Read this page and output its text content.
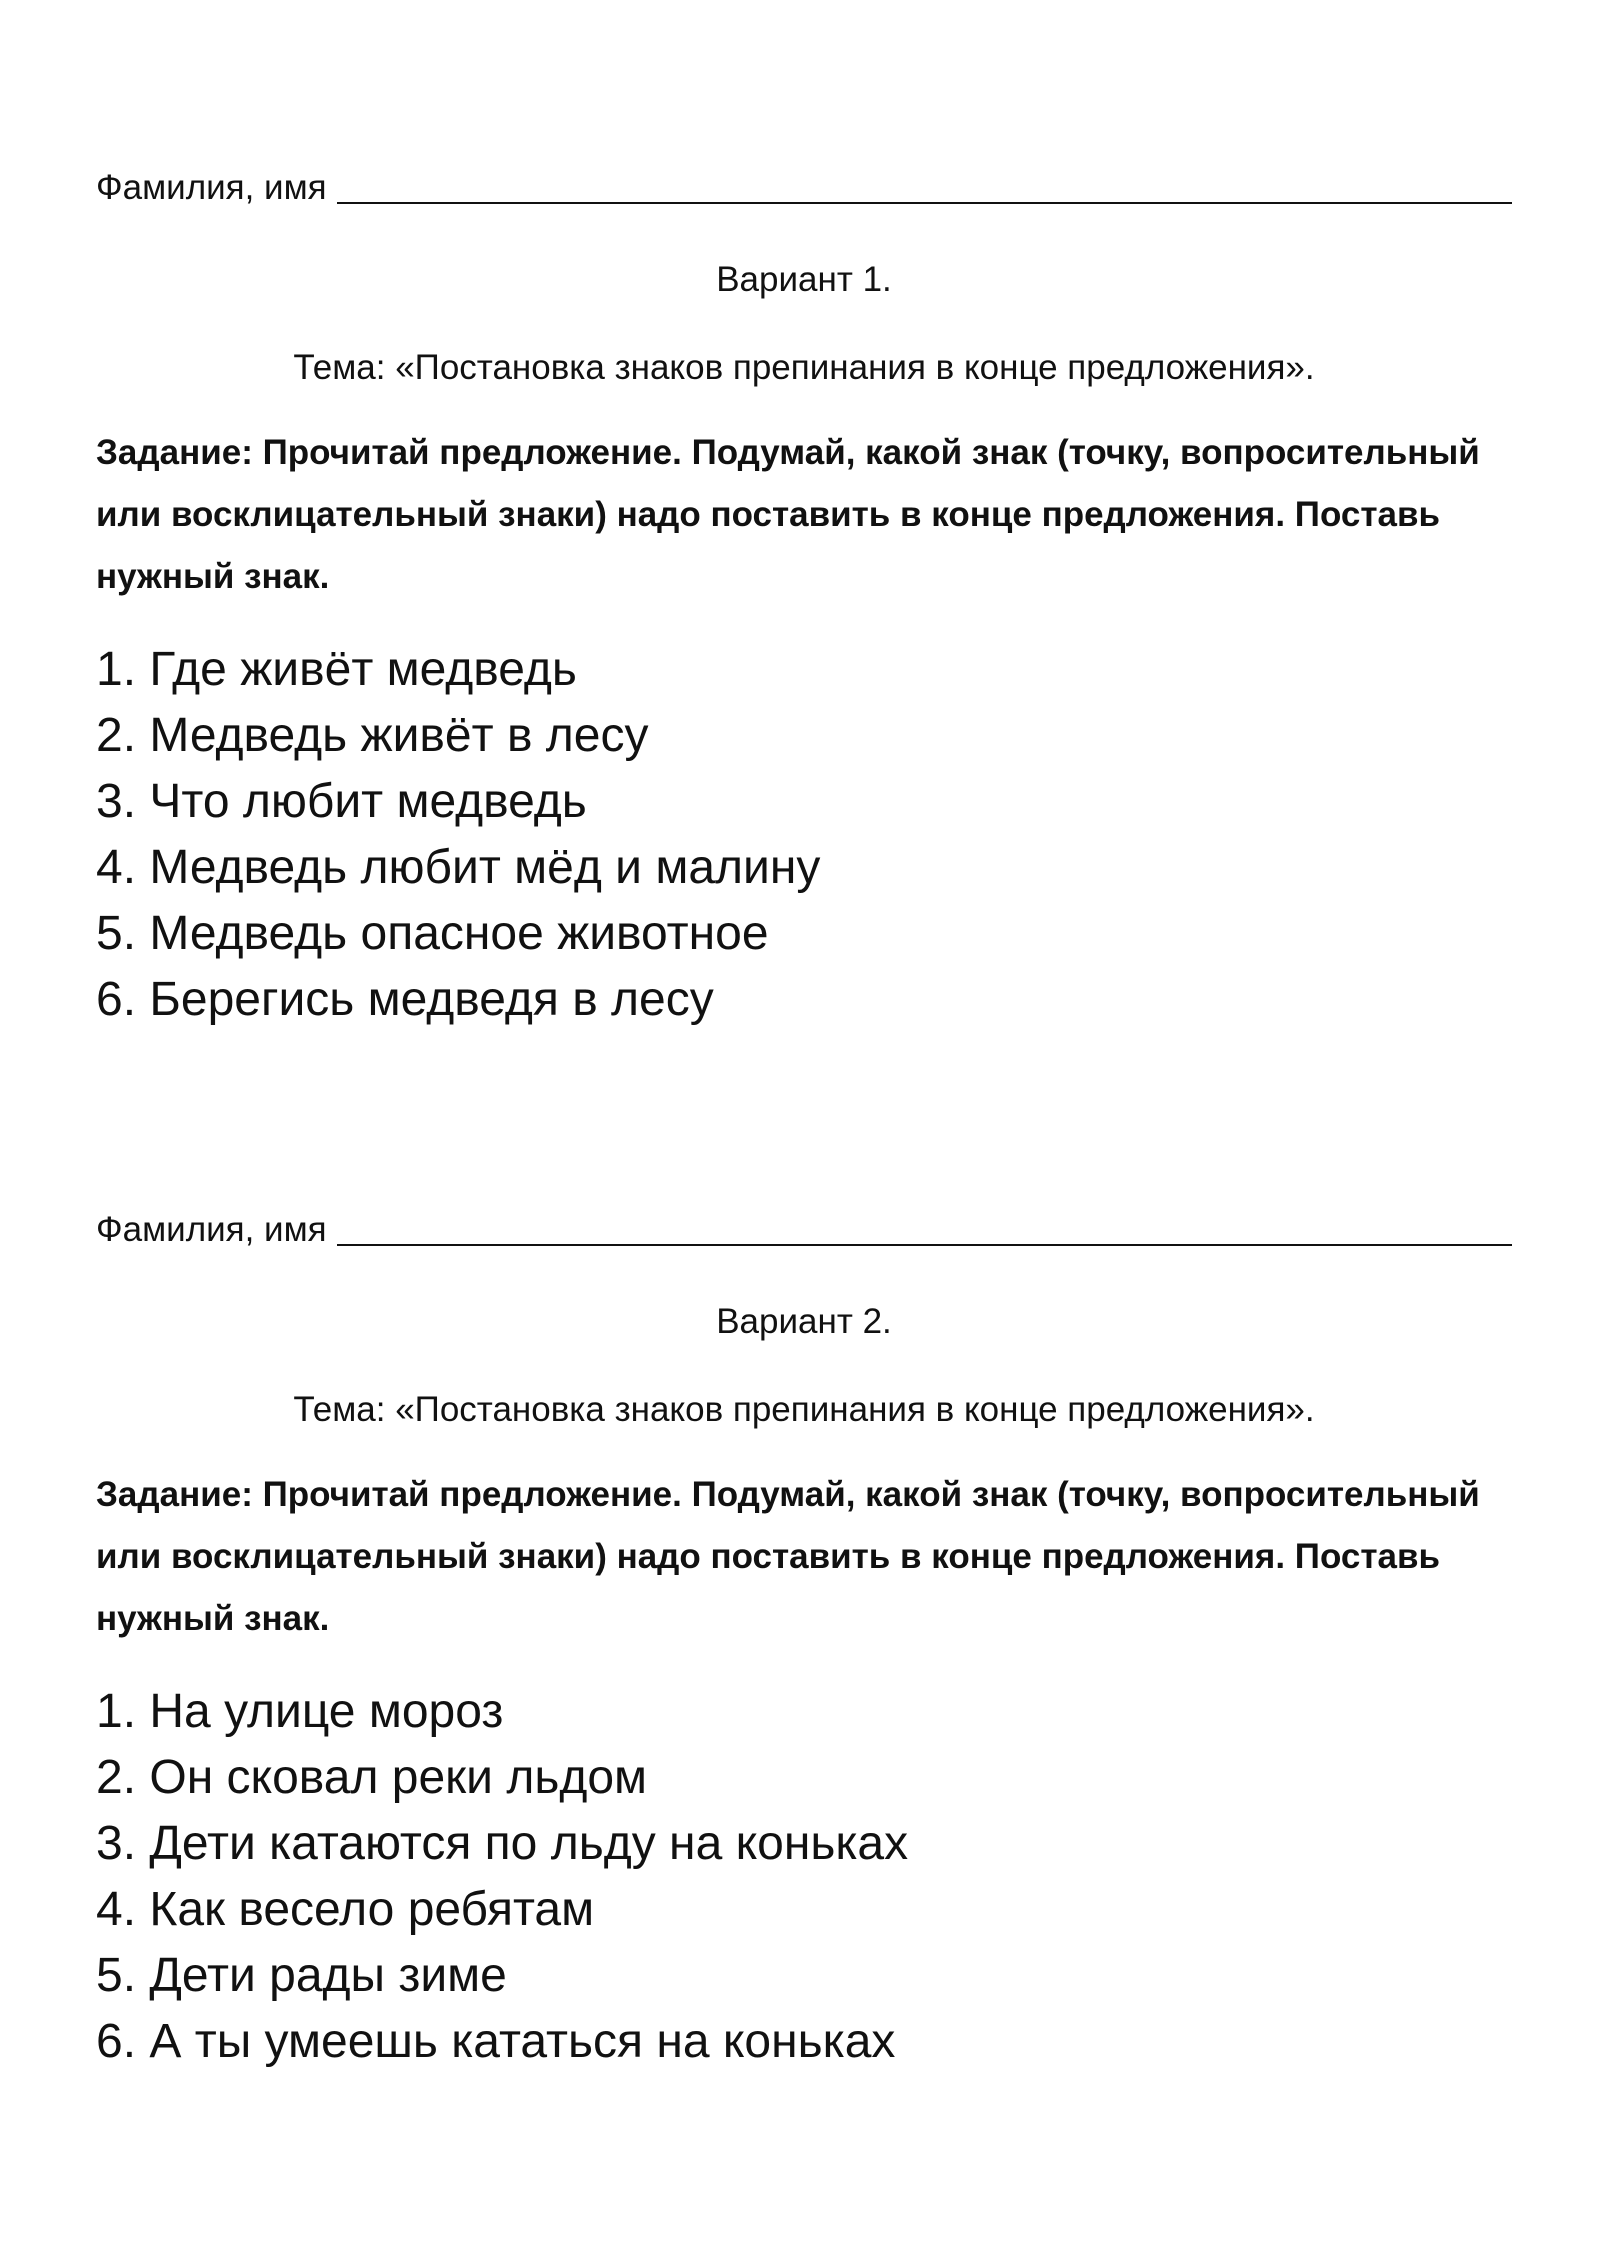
Фамилия, имя
Вариант 1.
Тема: «Постановка знаков препинания в конце предложения».
Задание: Прочитай предложение. Подумай, какой знак (точку, вопросительный или восклицательный знаки) надо поставить в конце предложения. Поставь нужный знак.
1. Где живёт медведь
2. Медведь живёт в лесу
3. Что любит медведь
4. Медведь любит мёд и малину
5. Медведь опасное животное
6. Берегись медведя в лесу
Фамилия, имя
Вариант 2.
Тема: «Постановка знаков препинания в конце предложения».
Задание: Прочитай предложение. Подумай, какой знак (точку, вопросительный или восклицательный знаки) надо поставить в конце предложения. Поставь нужный знак.
1. На улице мороз
2. Он сковал реки льдом
3. Дети катаются по льду на коньках
4. Как весело ребятам
5. Дети рады зиме
6. А ты умеешь кататься на коньках
